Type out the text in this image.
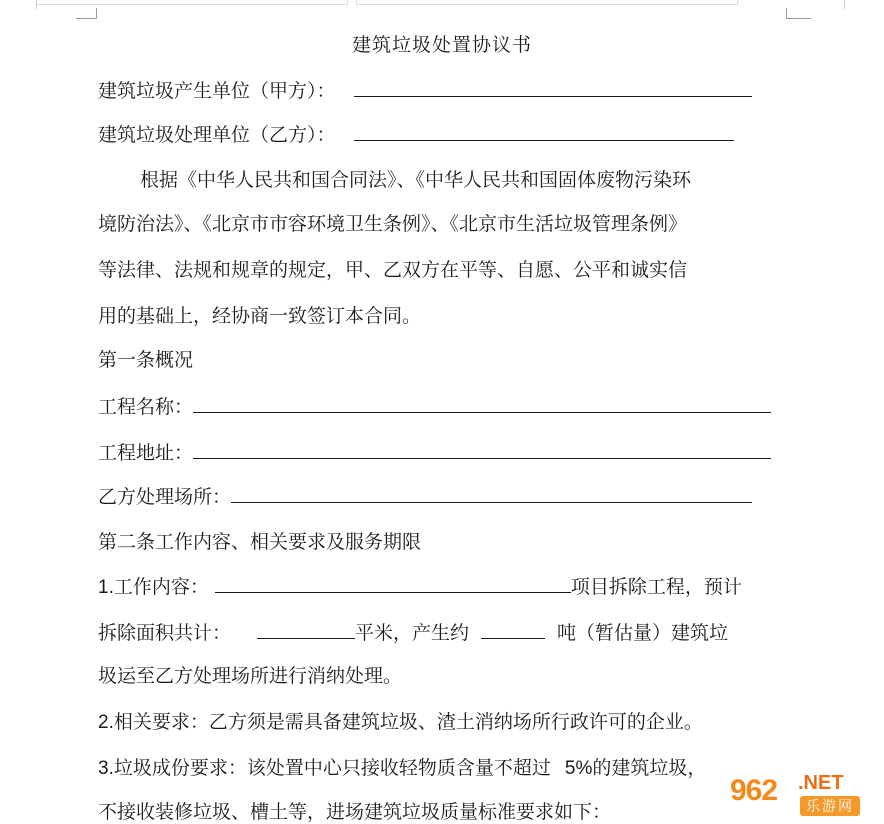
建筑垃圾处置协议书
建筑垃圾产生单位（甲方）：
建筑垃圾处理单位（乙方）：
根据《中华人民共和国合同法》、《中华人民共和国固体废物污染环
境防治法》、《北京市市容环境卫生条例》、《北京市生活垃圾管理条例》
等法律、法规和规章的规定，甲、乙双方在平等、自愿、公平和诚实信
用的基础上，经协商一致签订本合同。
第一条概况
工程名称：
工程地址：
乙方处理场所：
第二条工作内容、相关要求及服务期限
1.工作内容：	项目拆除工程，预计
拆除面积共计：	平米，产生约	吨（暂估量）建筑垃
圾运至乙方处理场所进行消纳处理。
2.相关要求：乙方须是需具备建筑垃圾、渣土消纳场所行政许可的企业。
3.垃圾成份要求：该处置中心只接收轻物质含量不超过 5%的建筑垃圾，
不接收装修垃圾、槽土等，进场建筑垃圾质量标准要求如下：
962 .NET
乐游网
